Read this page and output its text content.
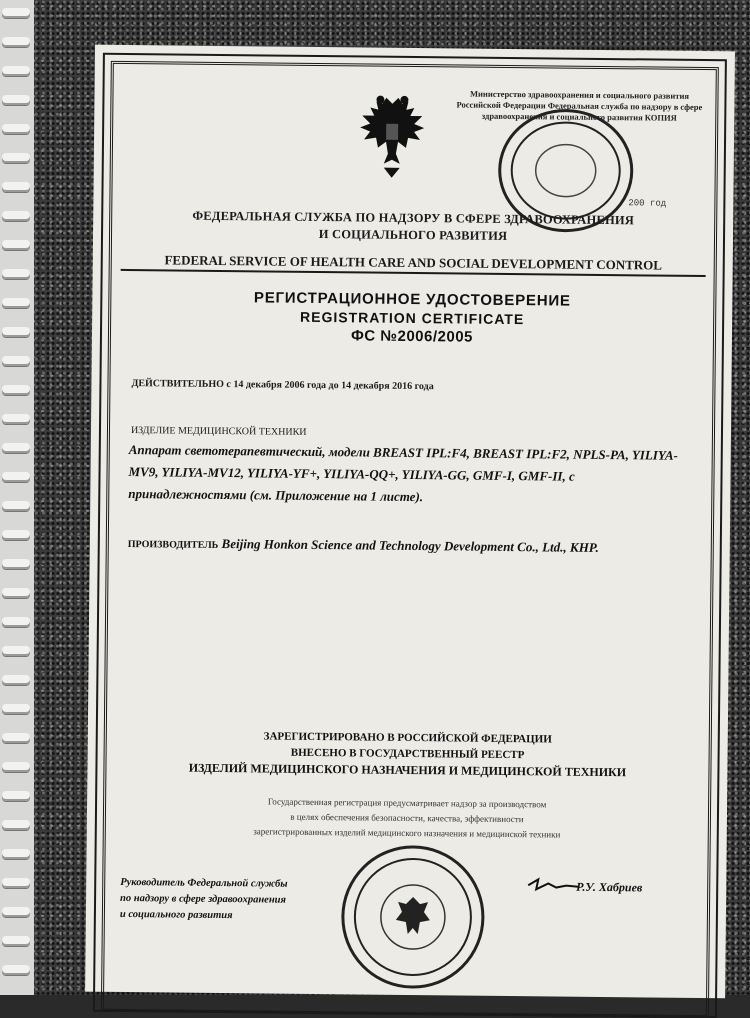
Министерство здравоохранения и социального развития Российской Федерации Федеральная служба по надзору в сфере здравоохранения и социального развития КОПИЯ
200 год
ФЕДЕРАЛЬНАЯ СЛУЖБА ПО НАДЗОРУ В СФЕРЕ ЗДРАВООХРАНЕНИЯ
И СОЦИАЛЬНОГО РАЗВИТИЯ
FEDERAL SERVICE OF HEALTH CARE AND SOCIAL DEVELOPMENT CONTROL
РЕГИСТРАЦИОННОЕ УДОСТОВЕРЕНИЕ
REGISTRATION CERTIFICATE
ФС №2006/2005
ДЕЙСТВИТЕЛЬНО с 14 декабря 2006 года до 14 декабря 2016 года
ИЗДЕЛИЕ МЕДИЦИНСКОЙ ТЕХНИКИ
Аппарат светотерапевтический, модели BREAST IPL:F4, BREAST IPL:F2, NPLS-PA, YILIYA-MV9, YILIYA-MV12, YILIYA-YF+, YILIYA-QQ+, YILIYA-GG, GMF-I, GMF-II, с принадлежностями (см. Приложение на 1 листе).
ПРОИЗВОДИТЕЛЬ Beijing Honkon Science and Technology Development Co., Ltd., КНР.
ЗАРЕГИСТРИРОВАНО В РОССИЙСКОЙ ФЕДЕРАЦИИ
ВНЕСЕНО В ГОСУДАРСТВЕННЫЙ РЕЕСТР
ИЗДЕЛИЙ МЕДИЦИНСКОГО НАЗНАЧЕНИЯ И МЕДИЦИНСКОЙ ТЕХНИКИ
Государственная регистрация предусматривает надзор за производством
в целях обеспечения безопасности, качества, эффективности
зарегистрированных изделий медицинского назначения и медицинской техники
Руководитель Федеральной службы
по надзору в сфере здравоохранения
и социального развития
Р.У. Хабриев
